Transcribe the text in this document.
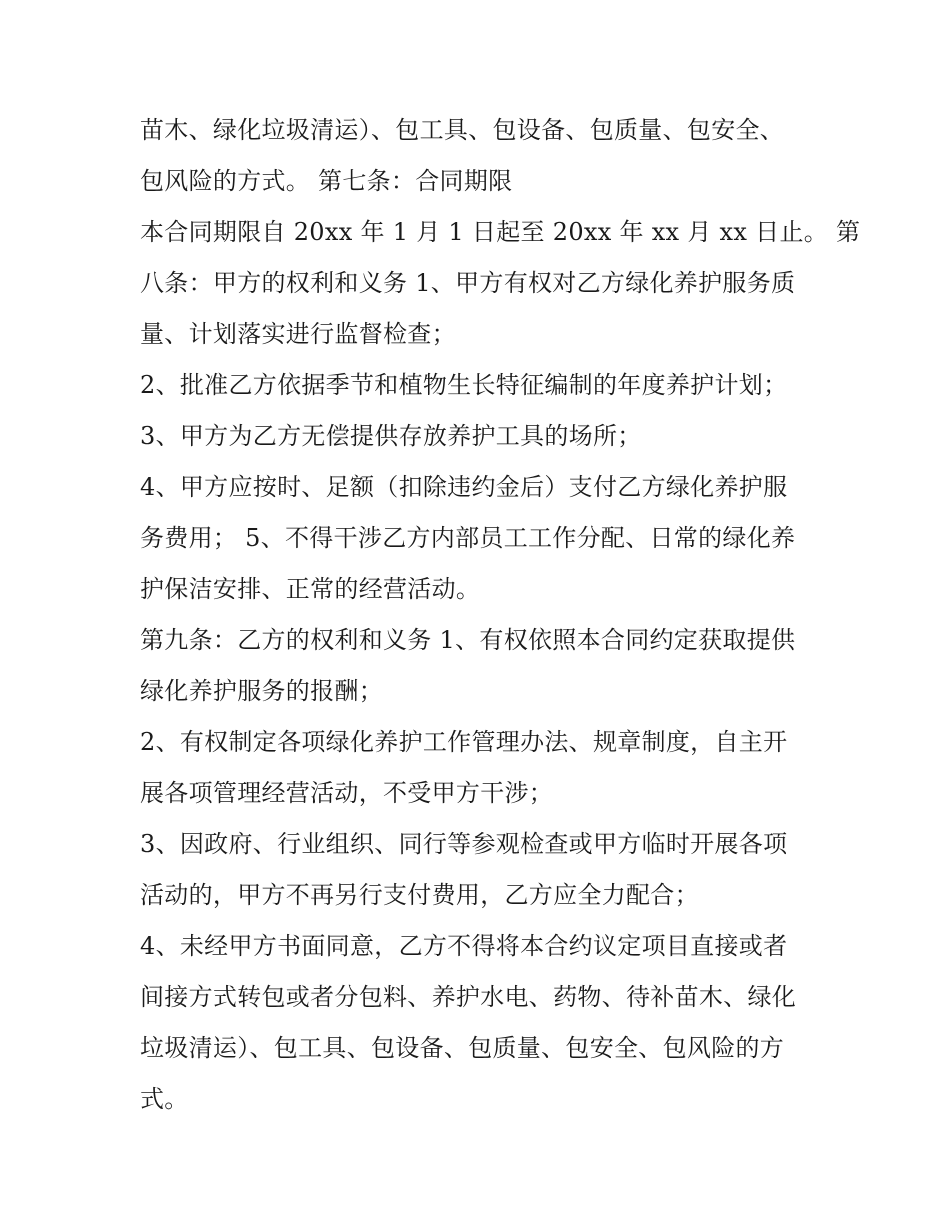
苗木、绿化垃圾清运）、包工具、包设备、包质量、包安全、
包风险的方式。 第七条：合同期限
本合同期限自 20xx 年 1 月 1 日起至 20xx 年 xx 月 xx 日止。 第
八条：甲方的权利和义务 1、甲方有权对乙方绿化养护服务质
量、计划落实进行监督检查；
2、批准乙方依据季节和植物生长特征编制的年度养护计划；
3、甲方为乙方无偿提供存放养护工具的场所；
4、甲方应按时、足额（扣除违约金后）支付乙方绿化养护服
务费用； 5、不得干涉乙方内部员工工作分配、日常的绿化养
护保洁安排、正常的经营活动。
第九条：乙方的权利和义务 1、有权依照本合同约定获取提供
绿化养护服务的报酬；
2、有权制定各项绿化养护工作管理办法、规章制度，自主开
展各项管理经营活动，不受甲方干涉；
3、因政府、行业组织、同行等参观检查或甲方临时开展各项
活动的，甲方不再另行支付费用，乙方应全力配合；
4、未经甲方书面同意，乙方不得将本合约议定项目直接或者
间接方式转包或者分包料、养护水电、药物、待补苗木、绿化
垃圾清运）、包工具、包设备、包质量、包安全、包风险的方
式。
